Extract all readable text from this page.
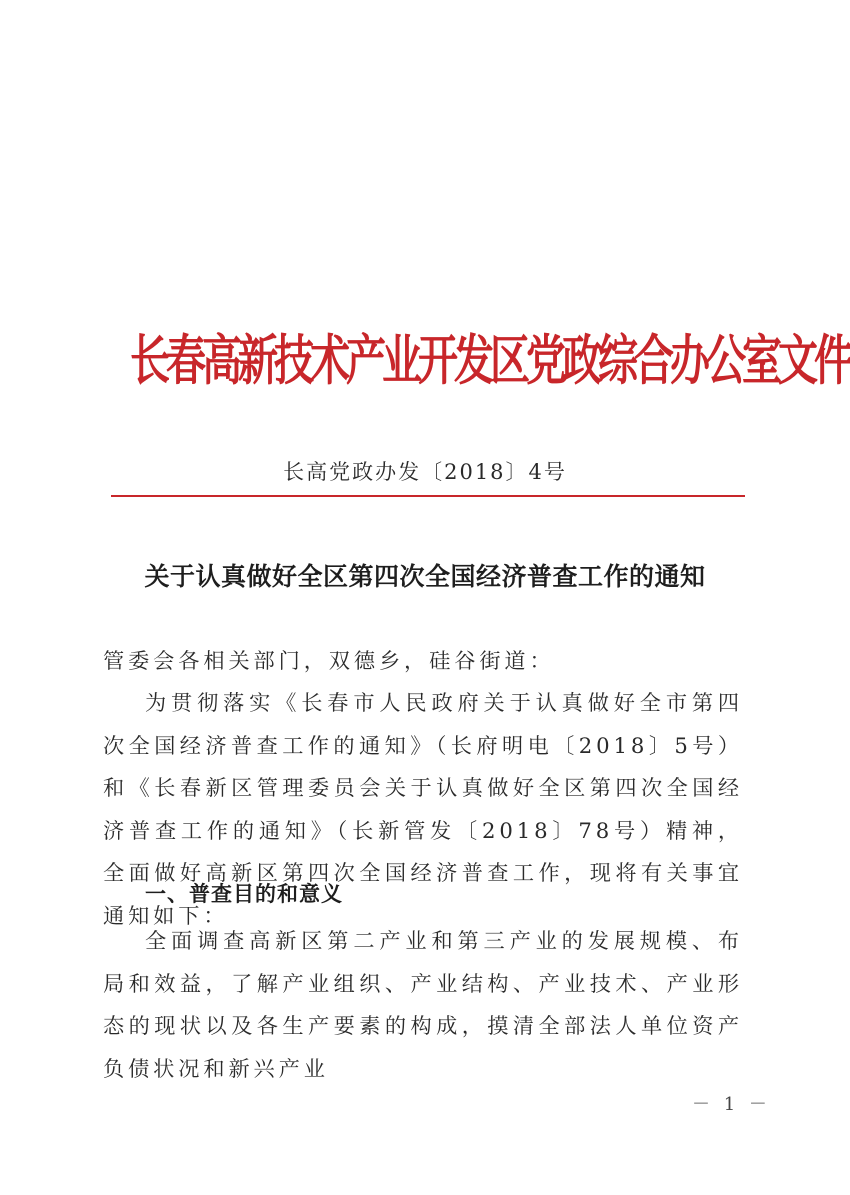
长春高新技术产业开发区党政综合办公室文件
长高党政办发〔2018〕4号
关于认真做好全区第四次全国经济普查工作的通知
管委会各相关部门，双德乡，硅谷街道：
为贯彻落实《长春市人民政府关于认真做好全市第四次全国经济普查工作的通知》（长府明电〔2018〕5号）和《长春新区管理委员会关于认真做好全区第四次全国经济普查工作的通知》（长新管发〔2018〕78号）精神，全面做好高新区第四次全国经济普查工作，现将有关事宜通知如下：
一、普查目的和意义
全面调查高新区第二产业和第三产业的发展规模、布局和效益，了解产业组织、产业结构、产业技术、产业形态的现状以及各生产要素的构成，摸清全部法人单位资产负债状况和新兴产业
－ 1 －
